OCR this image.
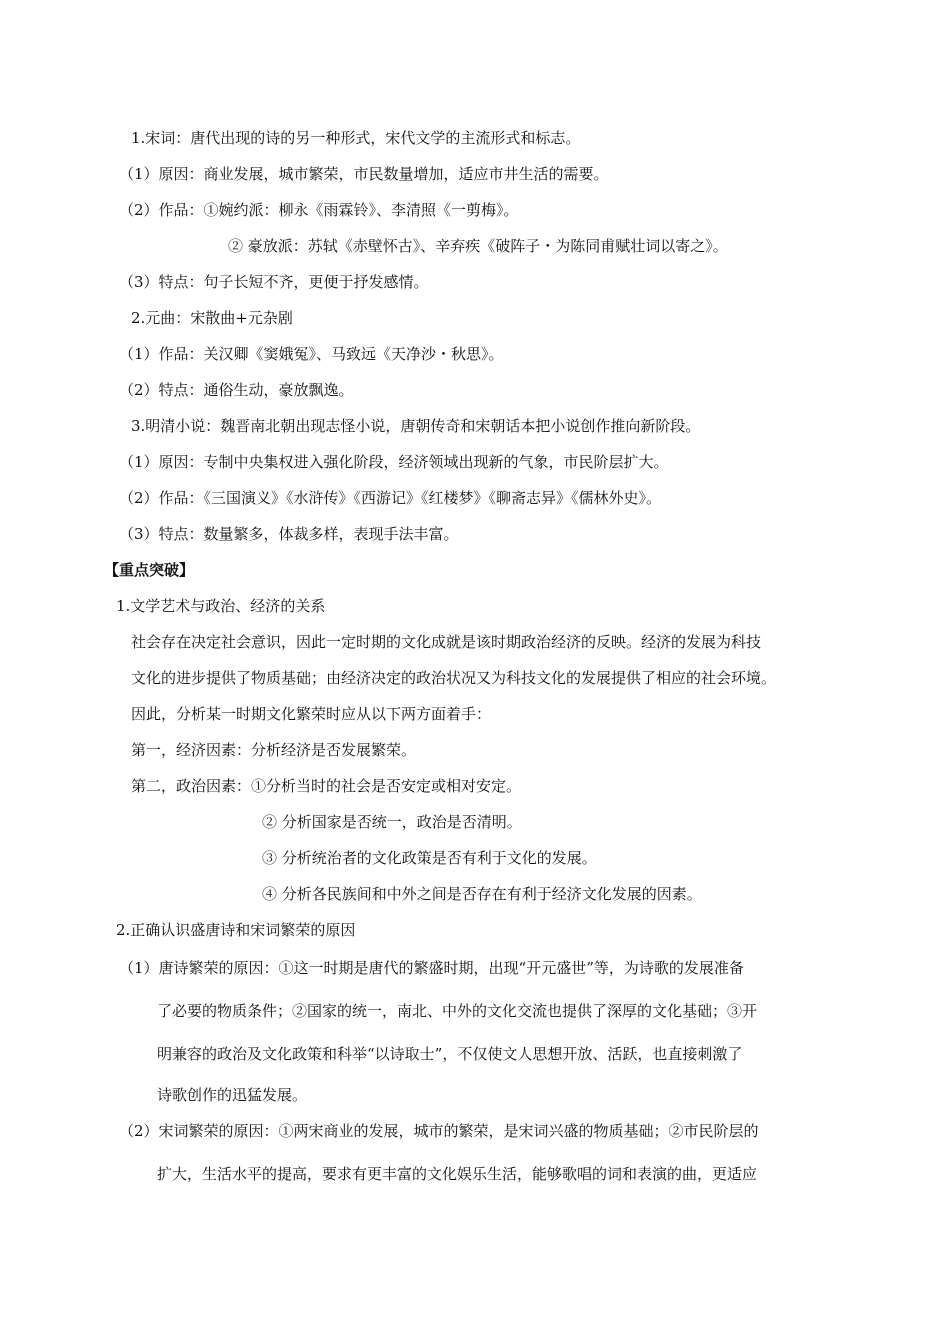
1.宋词：唐代出现的诗的另一种形式，宋代文学的主流形式和标志。
（1）原因：商业发展，城市繁荣，市民数量增加，适应市井生活的需要。
（2）作品：①婉约派：柳永《雨霖铃》、李清照《一剪梅》。
② 豪放派：苏轼《赤壁怀古》、辛弃疾《破阵子・为陈同甫赋壮词以寄之》。
（3）特点：句子长短不齐，更便于抒发感情。
2.元曲：宋散曲+元杂剧
（1）作品：关汉卿《窦娥冤》、马致远《天净沙・秋思》。
（2）特点：通俗生动，豪放飘逸。
3.明清小说：魏晋南北朝出现志怪小说，唐朝传奇和宋朝话本把小说创作推向新阶段。
（1）原因：专制中央集权进入强化阶段，经济领域出现新的气象，市民阶层扩大。
（2）作品：《三国演义》《水浒传》《西游记》《红楼梦》《聊斋志异》《儒林外史》。
（3）特点：数量繁多，体裁多样，表现手法丰富。
【重点突破】
1.文学艺术与政治、经济的关系
社会存在决定社会意识，因此一定时期的文化成就是该时期政治经济的反映。经济的发展为科技
文化的进步提供了物质基础；由经济决定的政治状况又为科技文化的发展提供了相应的社会环境。
因此，分析某一时期文化繁荣时应从以下两方面着手：
第一，经济因素：分析经济是否发展繁荣。
第二，政治因素：①分析当时的社会是否安定或相对安定。
② 分析国家是否统一，政治是否清明。
③ 分析统治者的文化政策是否有利于文化的发展。
④ 分析各民族间和中外之间是否存在有利于经济文化发展的因素。
2.正确认识盛唐诗和宋词繁荣的原因
（1）唐诗繁荣的原因：①这一时期是唐代的繁盛时期，出现“开元盛世”等，为诗歌的发展准备
了必要的物质条件；②国家的统一，南北、中外的文化交流也提供了深厚的文化基础；③开
明兼容的政治及文化政策和科举“以诗取士”，不仅使文人思想开放、活跃，也直接刺激了
诗歌创作的迅猛发展。
（2）宋词繁荣的原因：①两宋商业的发展，城市的繁荣，是宋词兴盛的物质基础；②市民阶层的
扩大，生活水平的提高，要求有更丰富的文化娱乐生活，能够歌唱的词和表演的曲，更适应
